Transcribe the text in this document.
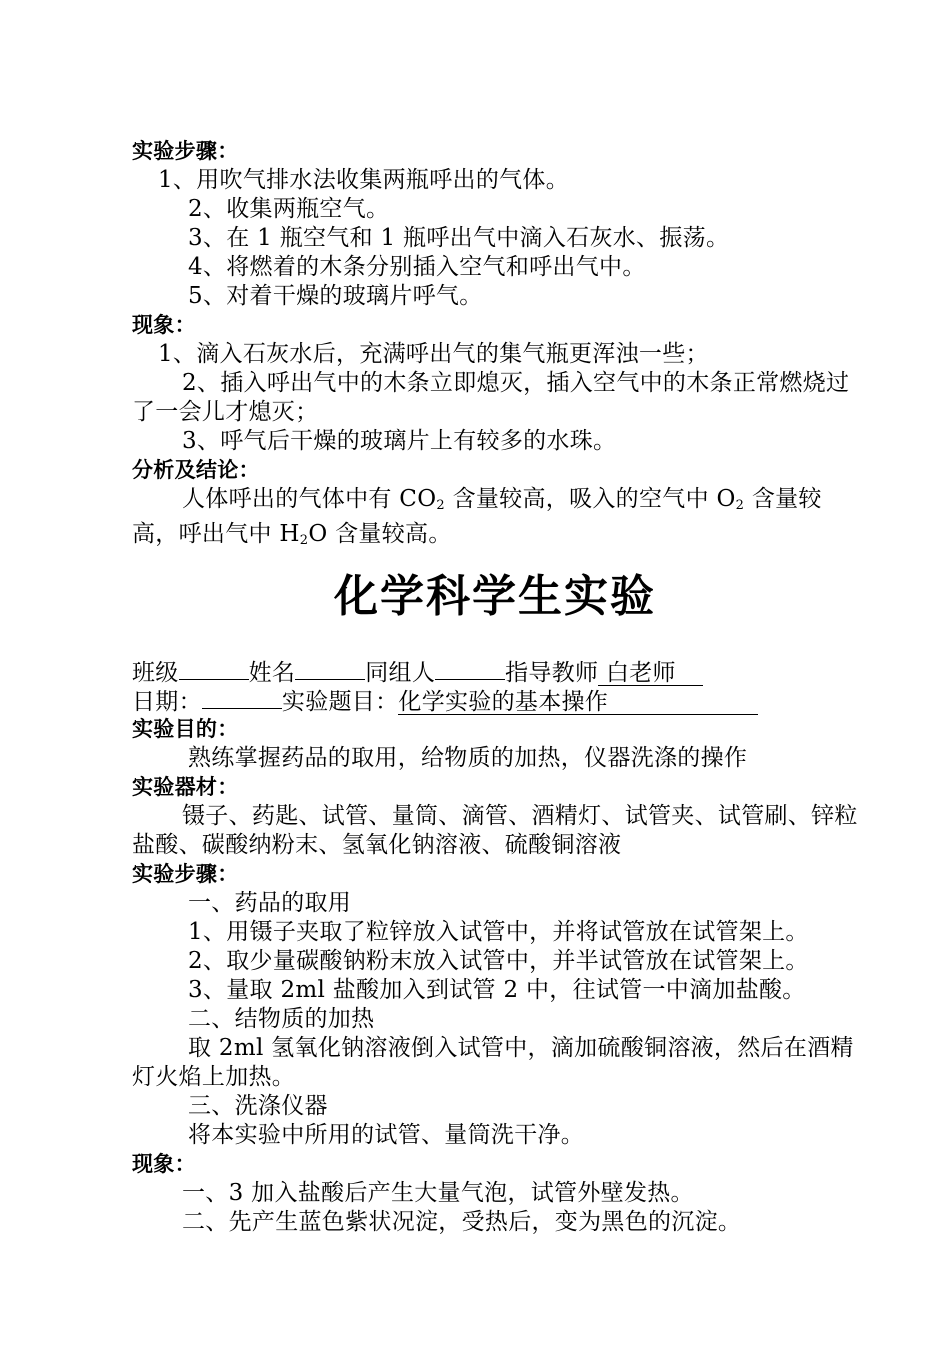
实验步骤：
1、用吹气排水法收集两瓶呼出的气体。
2、收集两瓶空气。
3、在 1 瓶空气和 1 瓶呼出气中滴入石灰水、振荡。
4、将燃着的木条分别插入空气和呼出气中。
5、对着干燥的玻璃片呼气。
现象：
1、滴入石灰水后，充满呼出气的集气瓶更浑浊一些；
2、插入呼出气中的木条立即熄灭，插入空气中的木条正常燃烧过了一会儿才熄灭；
3、呼气后干燥的玻璃片上有较多的水珠。
分析及结论：
人体呼出的气体中有 $CO_2$ 含量较高，吸入的空气中 $O_2$ 含量较高，呼出气中 $H_2O$ 含量较高。
化学科学生实验
班级	姓名	同组人	指导教师 白老师
日期：	实验题目：化学实验的基本操作
实验目的：
熟练掌握药品的取用，给物质的加热，仪器洗涤的操作
实验器材：
镊子、药匙、试管、量筒、滴管、酒精灯、试管夹、试管刷、锌粒盐酸、碳酸纳粉末、氢氧化钠溶液、硫酸铜溶液
实验步骤：
一、药品的取用
1、用镊子夹取了粒锌放入试管中，并将试管放在试管架上。
2、取少量碳酸钠粉末放入试管中，并半试管放在试管架上。
3、量取 2ml 盐酸加入到试管 2 中，往试管一中滴加盐酸。
二、结物质的加热
取 2ml 氢氧化钠溶液倒入试管中，滴加硫酸铜溶液，然后在酒精灯火焰上加热。
三、洗涤仪器
将本实验中所用的试管、量筒洗干净。
现象：
一、3 加入盐酸后产生大量气泡，试管外壁发热。
二、先产生蓝色紫状况淀，受热后，变为黑色的沉淀。
